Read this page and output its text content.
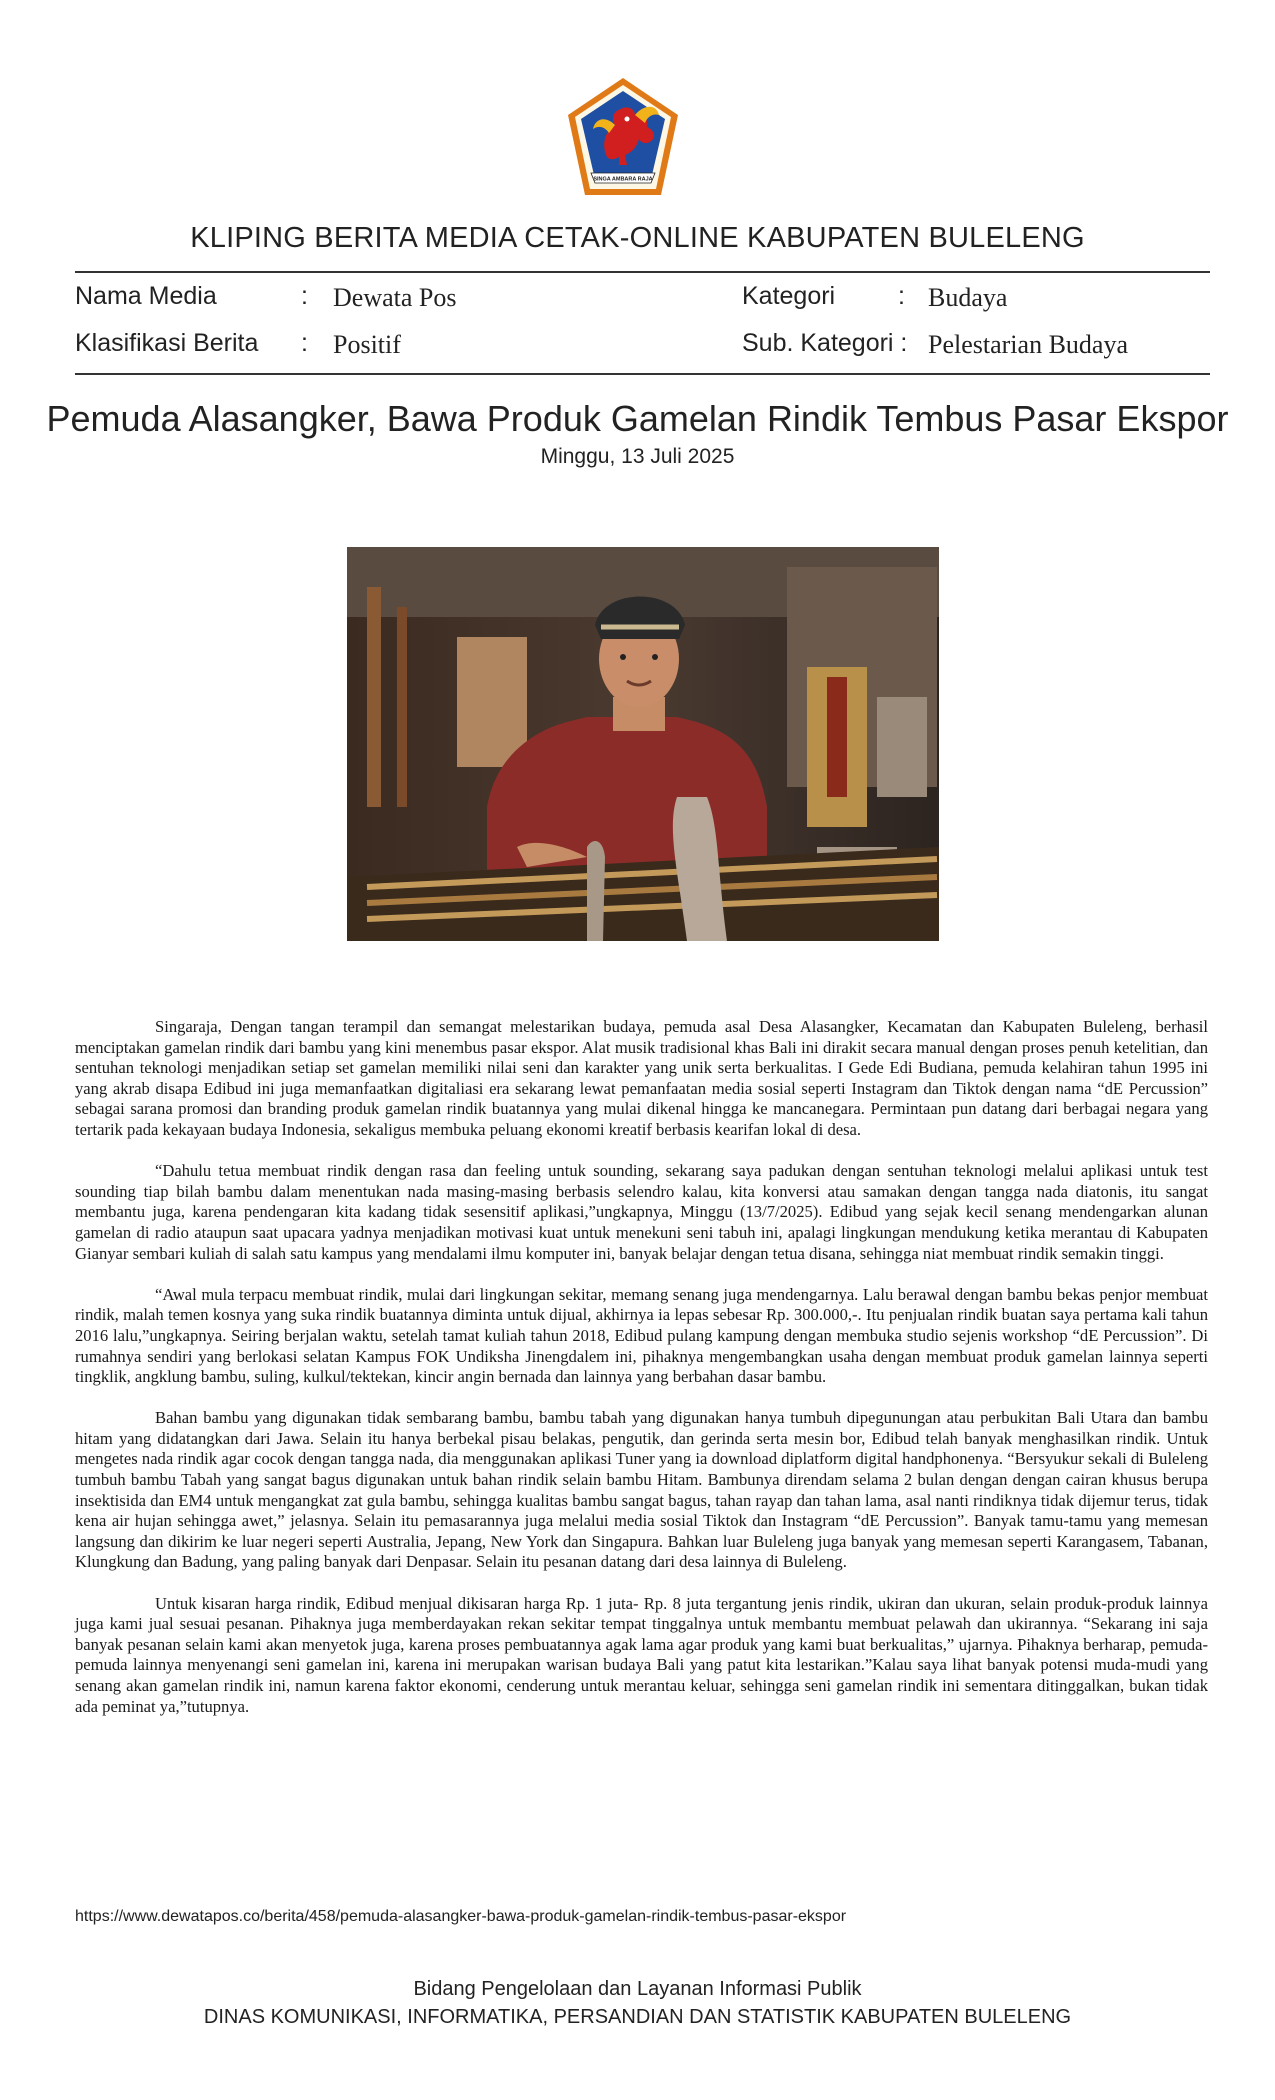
SINGA AMBARA RAJA
KLIPING BERITA MEDIA CETAK-ONLINE KABUPATEN BULELENG
Nama Media	: Dewata Pos	Kategori	: Budaya
Klasifikasi Berita : Positif	Sub. Kategori : Pelestarian Budaya
Pemuda Alasangker, Bawa Produk Gamelan Rindik Tembus Pasar Ekspor
Minggu, 13 Juli 2025

Singaraja, Dengan tangan terampil dan semangat melestarikan budaya, pemuda asal Desa Alasangker, Kecamatan dan Kabupaten Buleleng, berhasil menciptakan gamelan rindik dari bambu yang kini menembus pasar ekspor. Alat musik tradisional khas Bali ini dirakit secara manual dengan proses penuh ketelitian, dan sentuhan teknologi menjadikan setiap set gamelan memiliki nilai seni dan karakter yang unik serta berkualitas. I Gede Edi Budiana, pemuda kelahiran tahun 1995 ini yang akrab disapa Edibud ini juga memanfaatkan digitaliasi era sekarang lewat pemanfaatan media sosial seperti Instagram dan Tiktok dengan nama “dE Percussion” sebagai sarana promosi dan branding produk gamelan rindik buatannya yang mulai dikenal hingga ke mancanegara. Permintaan pun datang dari berbagai negara yang tertarik pada kekayaan budaya Indonesia, sekaligus membuka peluang ekonomi kreatif berbasis kearifan lokal di desa.

“Dahulu tetua membuat rindik dengan rasa dan feeling untuk sounding, sekarang saya padukan dengan sentuhan teknologi melalui aplikasi untuk test sounding tiap bilah bambu dalam menentukan nada masing-masing berbasis selendro kalau, kita konversi atau samakan dengan tangga nada diatonis, itu sangat membantu juga, karena pendengaran kita kadang tidak sesensitif aplikasi,”ungkapnya, Minggu (13/7/2025). Edibud yang sejak kecil senang mendengarkan alunan gamelan di radio ataupun saat upacara yadnya menjadikan motivasi kuat untuk menekuni seni tabuh ini, apalagi lingkungan mendukung ketika merantau di Kabupaten Gianyar sembari kuliah di salah satu kampus yang mendalami ilmu komputer ini, banyak belajar dengan tetua disana, sehingga niat membuat rindik semakin tinggi.

“Awal mula terpacu membuat rindik, mulai dari lingkungan sekitar, memang senang juga mendengarnya. Lalu berawal dengan bambu bekas penjor membuat rindik, malah temen kosnya yang suka rindik buatannya diminta untuk dijual, akhirnya ia lepas sebesar Rp. 300.000,-. Itu penjualan rindik buatan saya pertama kali tahun 2016 lalu,”ungkapnya. Seiring berjalan waktu, setelah tamat kuliah tahun 2018, Edibud pulang kampung dengan membuka studio sejenis workshop “dE Percussion”. Di rumahnya sendiri yang berlokasi selatan Kampus FOK Undiksha Jinengdalem ini, pihaknya mengembangkan usaha dengan membuat produk gamelan lainnya seperti tingklik, angklung bambu, suling, kulkul/tektekan, kincir angin bernada dan lainnya yang berbahan dasar bambu.

Bahan bambu yang digunakan tidak sembarang bambu, bambu tabah yang digunakan hanya tumbuh dipegunungan atau perbukitan Bali Utara dan bambu hitam yang didatangkan dari Jawa. Selain itu hanya berbekal pisau belakas, pengutik, dan gerinda serta mesin bor, Edibud telah banyak menghasilkan rindik. Untuk mengetes nada rindik agar cocok dengan tangga nada, dia menggunakan aplikasi Tuner yang ia download diplatform digital handphonenya. “Bersyukur sekali di Buleleng tumbuh bambu Tabah yang sangat bagus digunakan untuk bahan rindik selain bambu Hitam. Bambunya direndam selama 2 bulan dengan dengan cairan khusus berupa insektisida dan EM4 untuk mengangkat zat gula bambu, sehingga kualitas bambu sangat bagus, tahan rayap dan tahan lama, asal nanti rindiknya tidak dijemur terus, tidak kena air hujan sehingga awet,” jelasnya. Selain itu pemasarannya juga melalui media sosial Tiktok dan Instagram “dE Percussion”. Banyak tamu-tamu yang memesan langsung dan dikirim ke luar negeri seperti Australia, Jepang, New York dan Singapura. Bahkan luar Buleleng juga banyak yang memesan seperti Karangasem, Tabanan, Klungkung dan Badung, yang paling banyak dari Denpasar. Selain itu pesanan datang dari desa lainnya di Buleleng.

Untuk kisaran harga rindik, Edibud menjual dikisaran harga Rp. 1 juta- Rp. 8 juta tergantung jenis rindik, ukiran dan ukuran, selain produk-produk lainnya juga kami jual sesuai pesanan. Pihaknya juga memberdayakan rekan sekitar tempat tinggalnya untuk membantu membuat pelawah dan ukirannya. “Sekarang ini saja banyak pesanan selain kami akan menyetok juga, karena proses pembuatannya agak lama agar produk yang kami buat berkualitas,” ujarnya. Pihaknya berharap, pemuda-pemuda lainnya menyenangi seni gamelan ini, karena ini merupakan warisan budaya Bali yang patut kita lestarikan.”Kalau saya lihat banyak potensi muda-mudi yang senang akan gamelan rindik ini, namun karena faktor ekonomi, cenderung untuk merantau keluar, sehingga seni gamelan rindik ini sementara ditinggalkan, bukan tidak ada peminat ya,”tutupnya.

https://www.dewatapos.co/berita/458/pemuda-alasangker-bawa-produk-gamelan-rindik-tembus-pasar-ekspor
Bidang Pengelolaan dan Layanan Informasi Publik
DINAS KOMUNIKASI, INFORMATIKA, PERSANDIAN DAN STATISTIK KABUPATEN BULELENG
